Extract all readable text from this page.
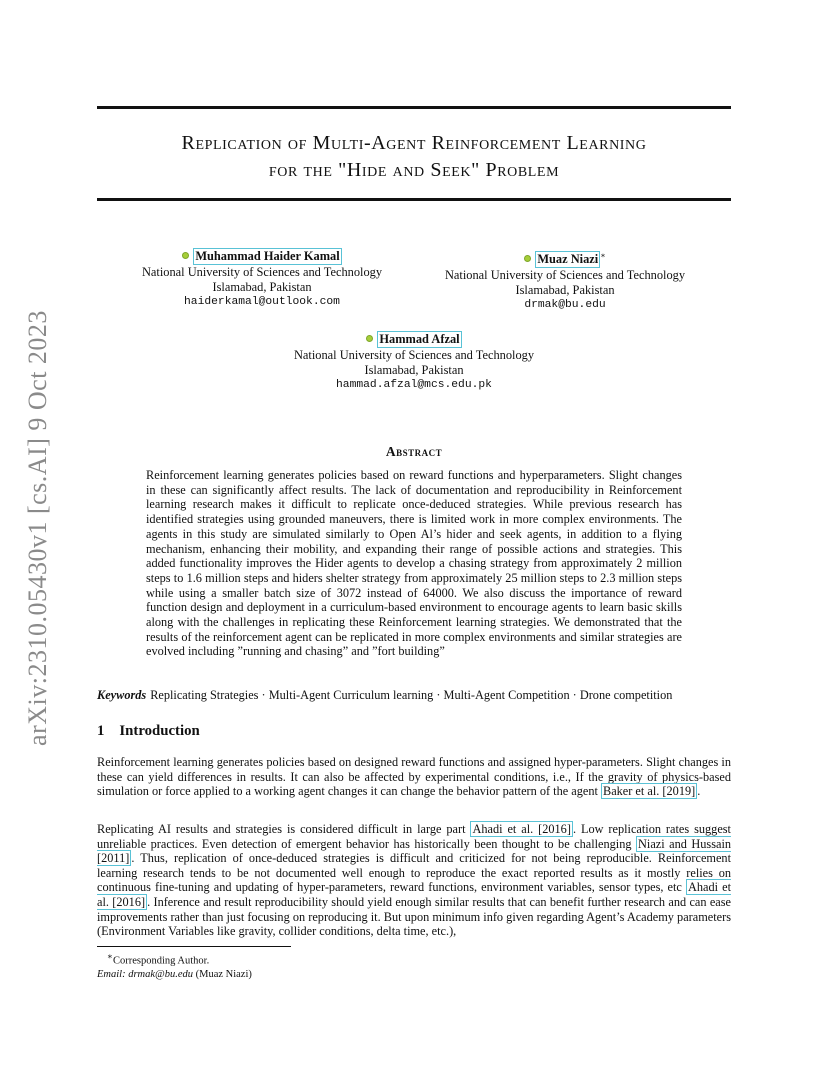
arXiv:2310.05430v1 [cs.AI] 9 Oct 2023
Replication of Multi-Agent Reinforcement Learning
for the "Hide and Seek" Problem
Muhammad Haider Kamal
National University of Sciences and Technology
Islamabad, Pakistan
haiderkamal@outlook.com
Muaz Niazi ∗
National University of Sciences and Technology
Islamabad, Pakistan
drmak@bu.edu
Hammad Afzal
National University of Sciences and Technology
Islamabad, Pakistan
hammad.afzal@mcs.edu.pk
Abstract
Reinforcement learning generates policies based on reward functions and hyperparameters. Slight changes in these can significantly affect results. The lack of documentation and reproducibility in Reinforcement learning research makes it difficult to replicate once-deduced strategies. While previous research has identified strategies using grounded maneuvers, there is limited work in more complex environments. The agents in this study are simulated similarly to Open Al’s hider and seek agents, in addition to a flying mechanism, enhancing their mobility, and expanding their range of possible actions and strategies. This added functionality improves the Hider agents to develop a chasing strategy from approximately 2 million steps to 1.6 million steps and hiders shelter strategy from approximately 25 million steps to 2.3 million steps while using a smaller batch size of 3072 instead of 64000. We also discuss the importance of reward function design and deployment in a curriculum-based environment to encourage agents to learn basic skills along with the challenges in replicating these Reinforcement learning strategies. We demonstrated that the results of the reinforcement agent can be replicated in more complex environments and similar strategies are evolved including ”running and chasing” and ”fort building”
Keywords Replicating Strategies · Multi-Agent Curriculum learning · Multi-Agent Competition · Drone competition
1 Introduction
Reinforcement learning generates policies based on designed reward functions and assigned hyper-parameters. Slight changes in these can yield differences in results. It can also be affected by experimental conditions, i.e., If the gravity of physics-based simulation or force applied to a working agent changes it can change the behavior pattern of the agent Baker et al. [2019] .
Replicating AI results and strategies is considered difficult in large part Ahadi et al. [2016] . Low replication rates suggest unreliable practices. Even detection of emergent behavior has historically been thought to be challenging Niazi and Hussain [2011] . Thus, replication of once-deduced strategies is difficult and criticized for not being reproducible. Reinforcement learning research tends to be not documented well enough to reproduce the exact reported results as it mostly relies on continuous fine-tuning and updating of hyper-parameters, reward functions, environment variables, sensor types, etc Ahadi et al. [2016] . Inference and result reproducibility should yield enough similar results that can benefit further research and can ease improvements rather than just focusing on reproducing it. But upon minimum info given regarding Agent’s Academy parameters (Environment Variables like gravity, collider conditions, delta time, etc.),
∗Corresponding Author.
Email: drmak@bu.edu (Muaz Niazi)
